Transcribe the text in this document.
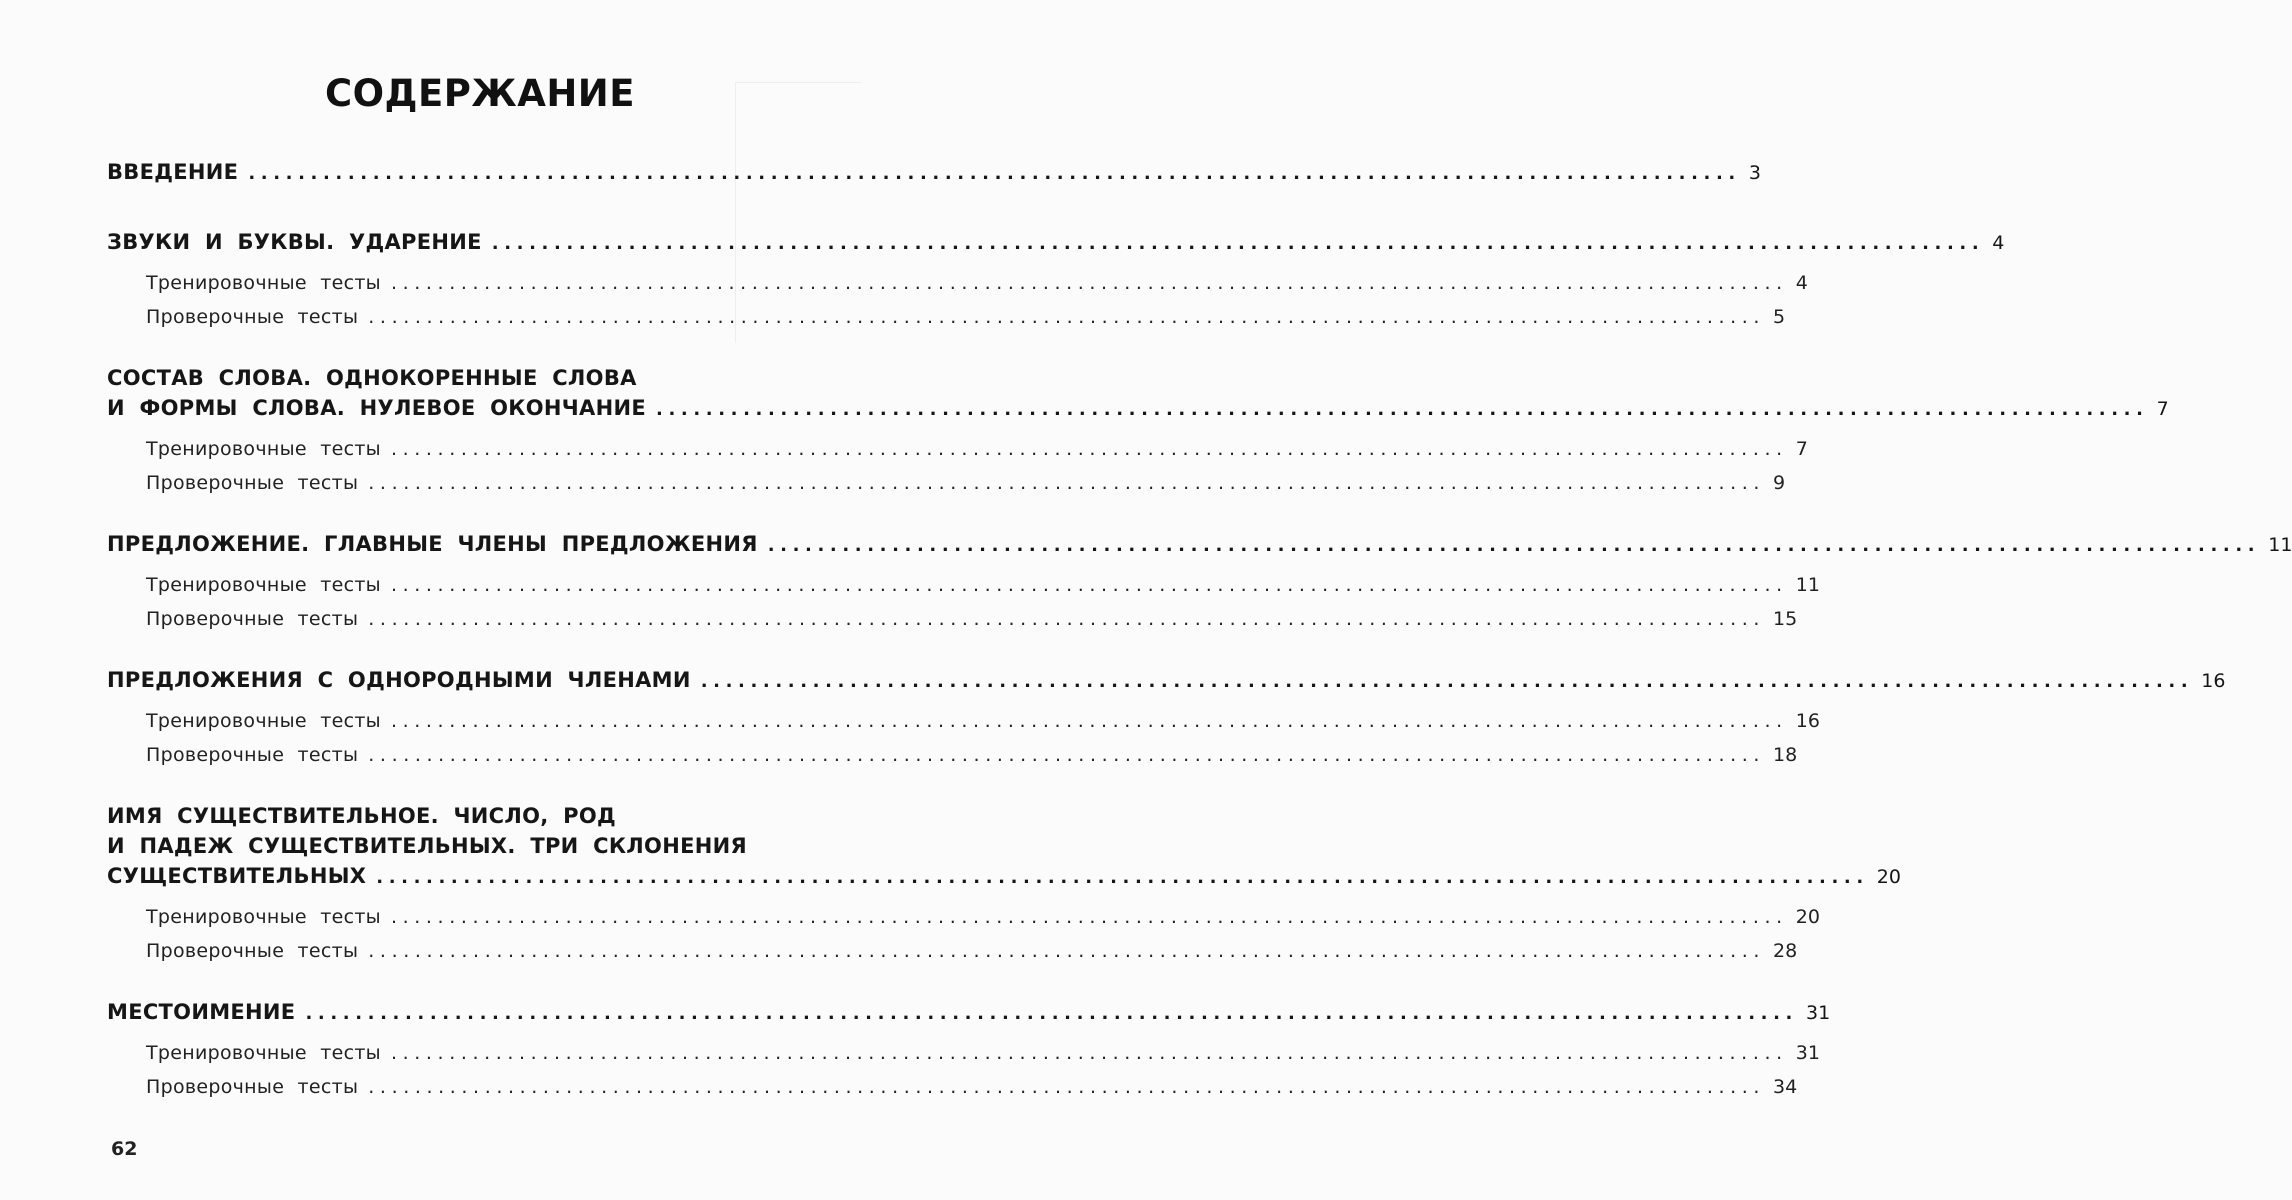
СОДЕРЖАНИЕ
ВВЕДЕНИЕ ........................................................................................................................ 3
ЗВУКИ И БУКВЫ. УДАРЕНИЕ ........................................................................................................................ 4
Тренировочные тесты ........................................................................................................................ 4
Проверочные тесты ........................................................................................................................ 5
СОСТАВ СЛОВА. ОДНОКОРЕННЫЕ СЛОВА
И ФОРМЫ СЛОВА. НУЛЕВОЕ ОКОНЧАНИЕ ........................................................................................................................ 7
Тренировочные тесты ........................................................................................................................ 7
Проверочные тесты ........................................................................................................................ 9
ПРЕДЛОЖЕНИЕ. ГЛАВНЫЕ ЧЛЕНЫ ПРЕДЛОЖЕНИЯ ........................................................................................................................ 11
Тренировочные тесты ........................................................................................................................ 11
Проверочные тесты ........................................................................................................................ 15
ПРЕДЛОЖЕНИЯ С ОДНОРОДНЫМИ ЧЛЕНАМИ ........................................................................................................................ 16
Тренировочные тесты ........................................................................................................................ 16
Проверочные тесты ........................................................................................................................ 18
ИМЯ СУЩЕСТВИТЕЛЬНОЕ. ЧИСЛО, РОД
И ПАДЕЖ СУЩЕСТВИТЕЛЬНЫХ. ТРИ СКЛОНЕНИЯ
СУЩЕСТВИТЕЛЬНЫХ ........................................................................................................................ 20
Тренировочные тесты ........................................................................................................................ 20
Проверочные тесты ........................................................................................................................ 28
МЕСТОИМЕНИЕ ........................................................................................................................ 31
Тренировочные тесты ........................................................................................................................ 31
Проверочные тесты ........................................................................................................................ 34
62
